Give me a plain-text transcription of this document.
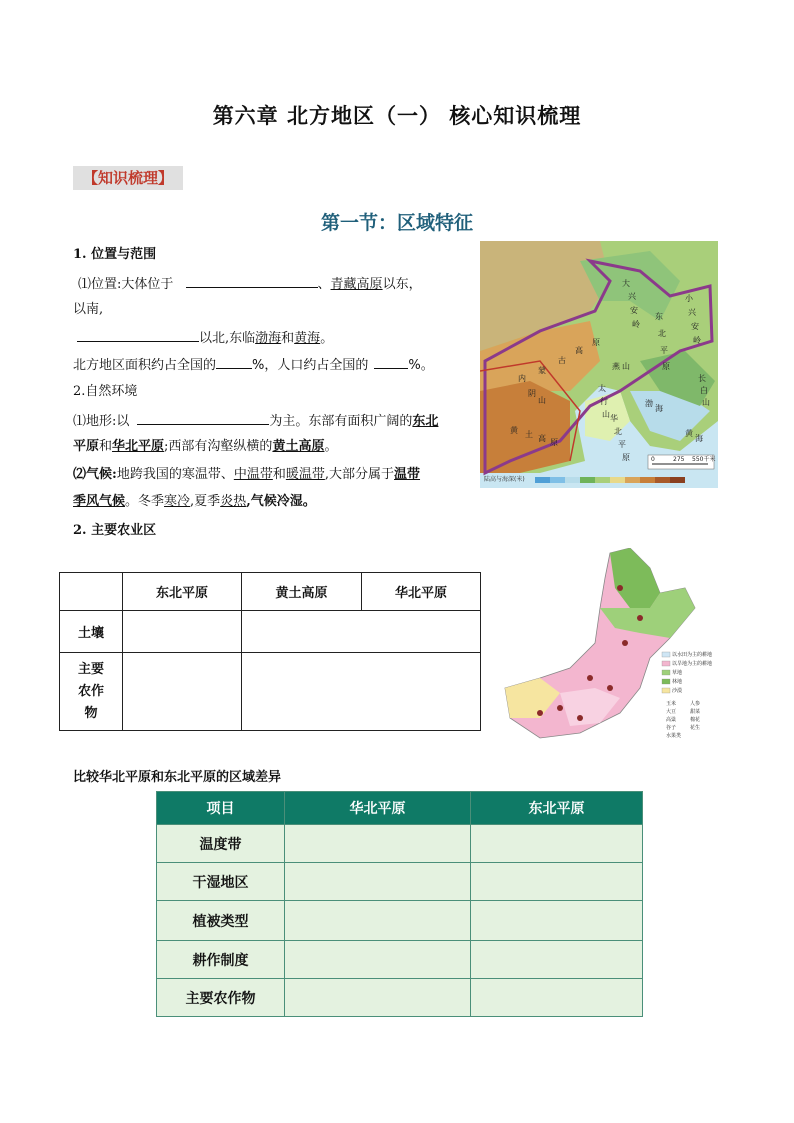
第六章 北方地区（一） 核心知识梳理
【知识梳理】
第一节：区域特征
1. 位置与范围
⑴位置:大体位于	、青藏高原以东，
以南,
以北,东临渤海和黄海。
北方地区面积约占全国的	%，人口约占全国的	%。
2.自然环境
⑴地形:以	为主。东部有面积广阔的东北
平原和华北平原;西部有沟壑纵横的黄土高原。
⑵气候:地跨我国的寒温带、中温带和暖温带,大部分属于温带
季风气候。冬季寒冷,夏季炎热,气候冷湿。
2. 主要农业区
大
兴
安
岭
东
北
平
原
小
兴
安
岭
长
白
山
内
蒙
古
高
原
阴
山
太
行
山
燕 山
黄 土 高 原
华
北
平
原
渤
海
黄
海
0	275 550千米
陆高与海深(米)
以水田为主的耕地
以旱地为主的耕地
草地
林地
沙漠
玉米	人参
大豆	甜菜
高粱	棉花
谷子	花生
水果类
	东北平原	黄土高原	华北平原
土壤			
主要农作物			
比较华北平原和东北平原的区域差异
项目	华北平原	东北平原
温度带		
干湿地区		
植被类型		
耕作制度		
主要农作物		
